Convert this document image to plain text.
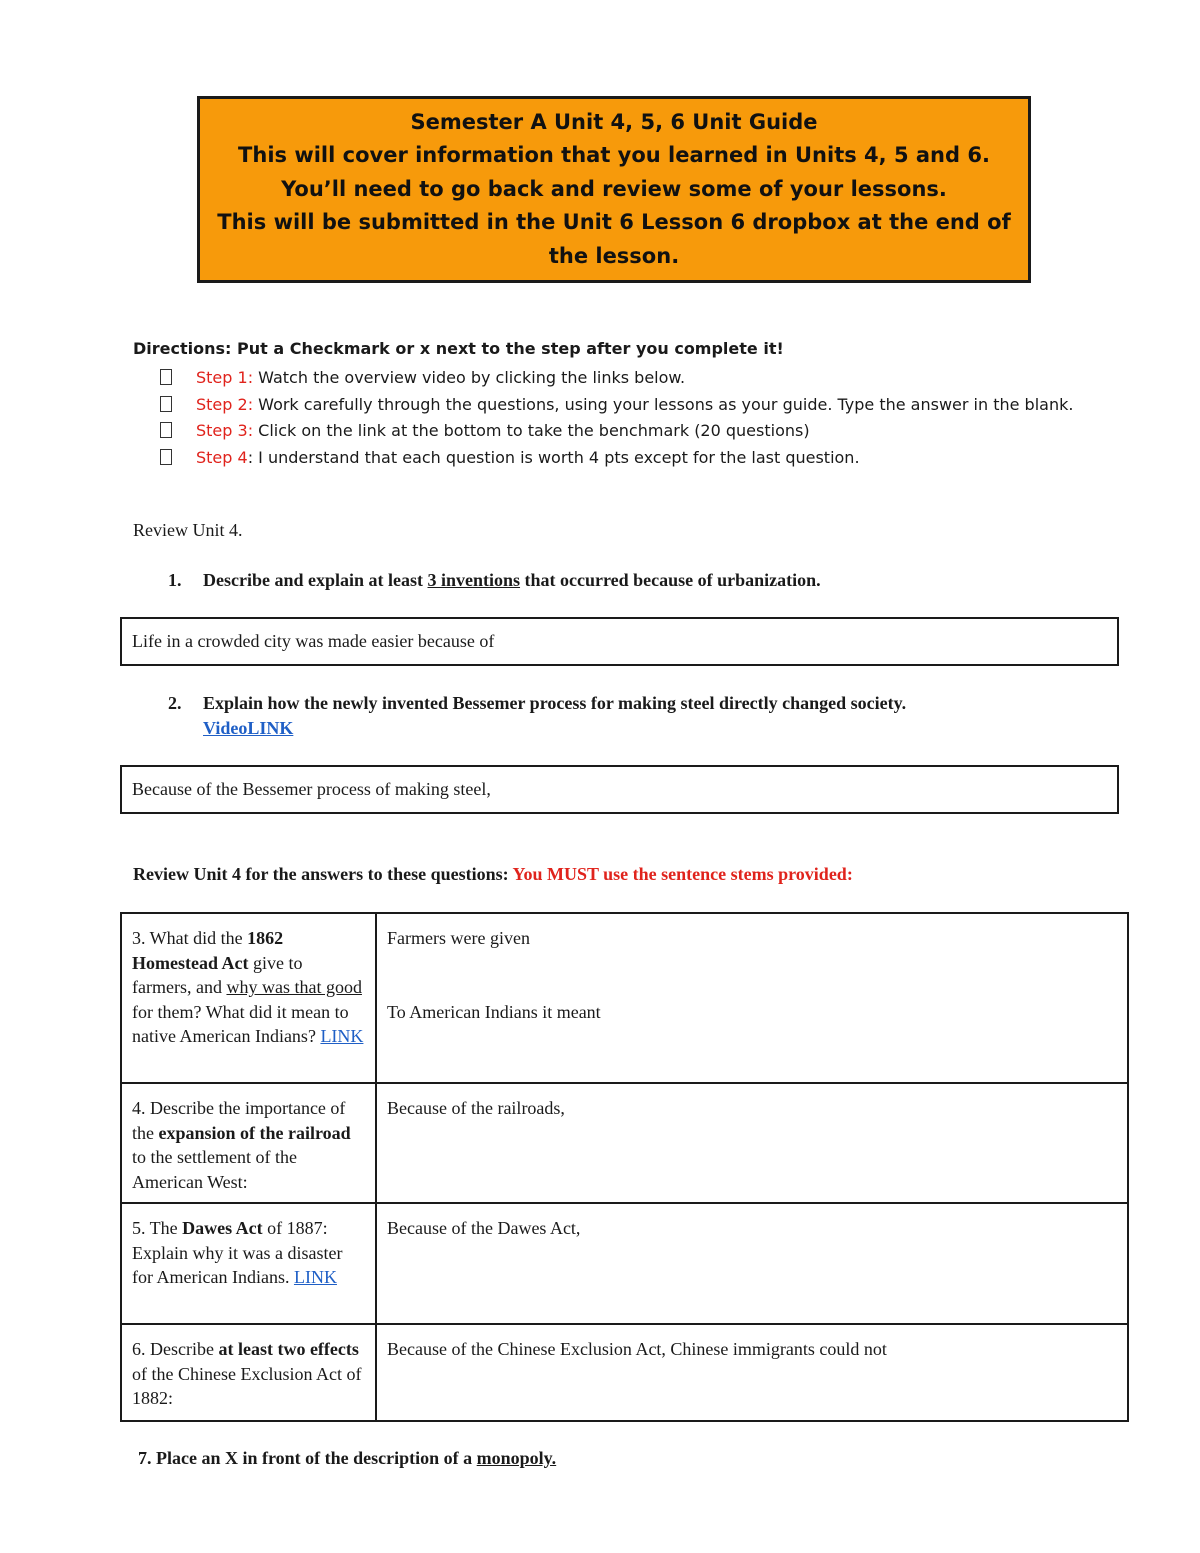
Semester A Unit 4, 5, 6 Unit Guide
This will cover information that you learned in Units 4, 5 and 6.
You’ll need to go back and review some of your lessons.
This will be submitted in the Unit 6 Lesson 6 dropbox at the end of the lesson.
Directions: Put a Checkmark or x next to the step after you complete it!
Step 1: Watch the overview video by clicking the links below.
Step 2: Work carefully through the questions, using your lessons as your guide. Type the answer in the blank.
Step 3: Click on the link at the bottom to take the benchmark (20 questions)
Step 4: I understand that each question is worth 4 pts except for the last question.
Review Unit 4.
1. Describe and explain at least 3 inventions that occurred because of urbanization.
Life in a crowded city was made easier because of
2. Explain how the newly invented Bessemer process for making steel directly changed society.
VideoLINK
Because of the Bessemer process of making steel,
Review Unit 4 for the answers to these questions: You MUST use the sentence stems provided:
3. What did the 1862 Homestead Act give to farmers, and why was that good for them? What did it mean to native American Indians? LINK	Farmers were given
To American Indians it meant

4. Describe the importance of the expansion of the railroad to the settlement of the American West:	Because of the railroads,

5. The Dawes Act of 1887: Explain why it was a disaster for American Indians. LINK	Because of the Dawes Act,

6. Describe at least two effects of the Chinese Exclusion Act of 1882:	Because of the Chinese Exclusion Act, Chinese immigrants could not
7. Place an X in front of the description of a monopoly.
